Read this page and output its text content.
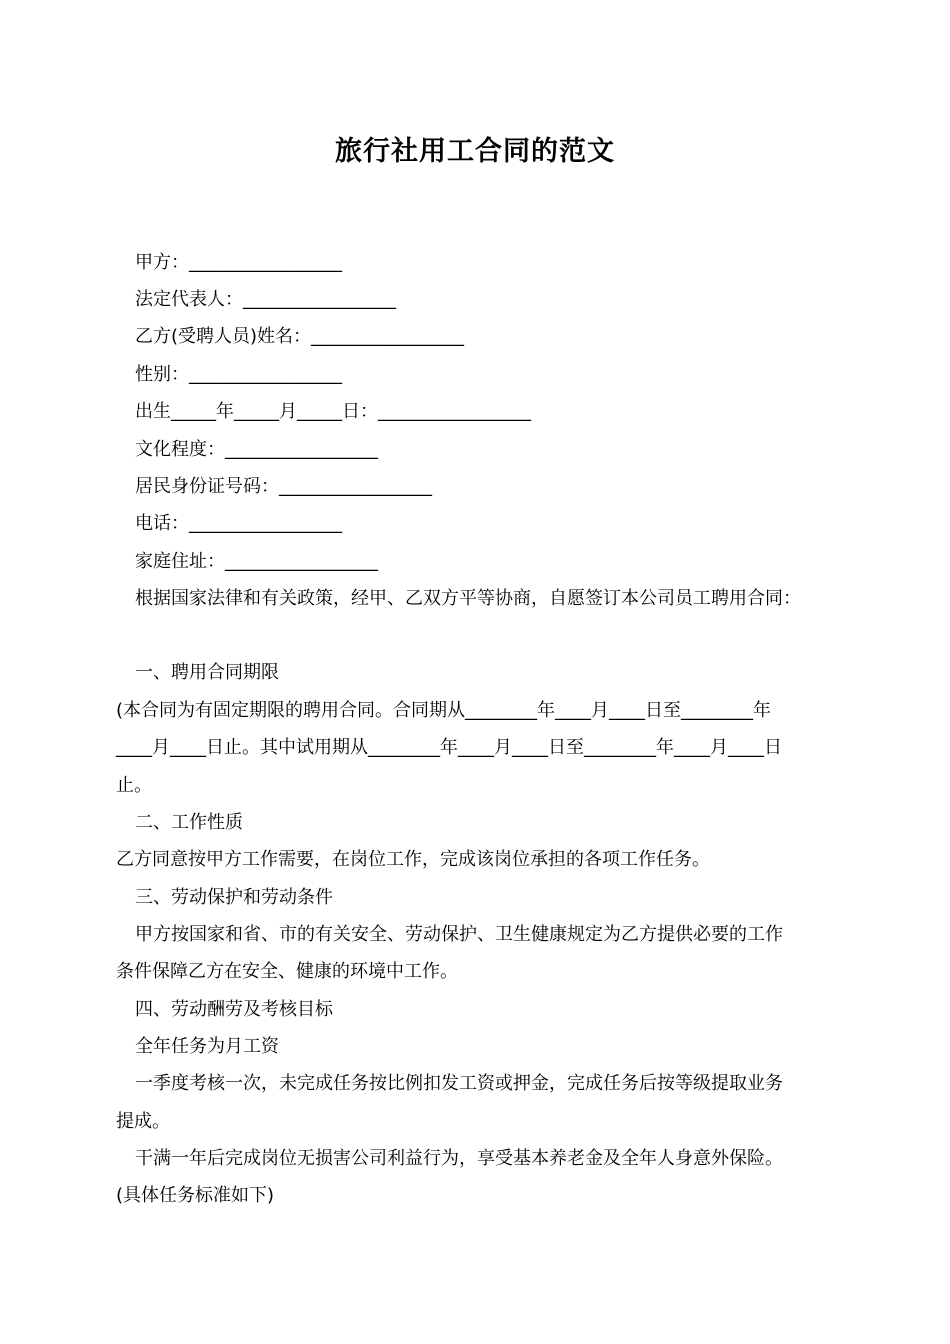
旅行社用工合同的范文
甲方：_________________
法定代表人：_________________
乙方(受聘人员)姓名：_________________
性别：_________________
出生_____年_____月_____日：_________________
文化程度：_________________
居民身份证号码：_________________
电话：_________________
家庭住址：_________________
根据国家法律和有关政策，经甲、乙双方平等协商，自愿签订本公司员工聘用合同：
一、聘用合同期限
(本合同为有固定期限的聘用合同。合同期从________年____月____日至________年
____月____日止。其中试用期从________年____月____日至________年____月____日
止。
二、工作性质
乙方同意按甲方工作需要，在岗位工作，完成该岗位承担的各项工作任务。
三、劳动保护和劳动条件
甲方按国家和省、市的有关安全、劳动保护、卫生健康规定为乙方提供必要的工作
条件保障乙方在安全、健康的环境中工作。
四、劳动酬劳及考核目标
全年任务为月工资
一季度考核一次，未完成任务按比例扣发工资或押金，完成任务后按等级提取业务
提成。
干满一年后完成岗位无损害公司利益行为，享受基本养老金及全年人身意外保险。
(具体任务标准如下)
